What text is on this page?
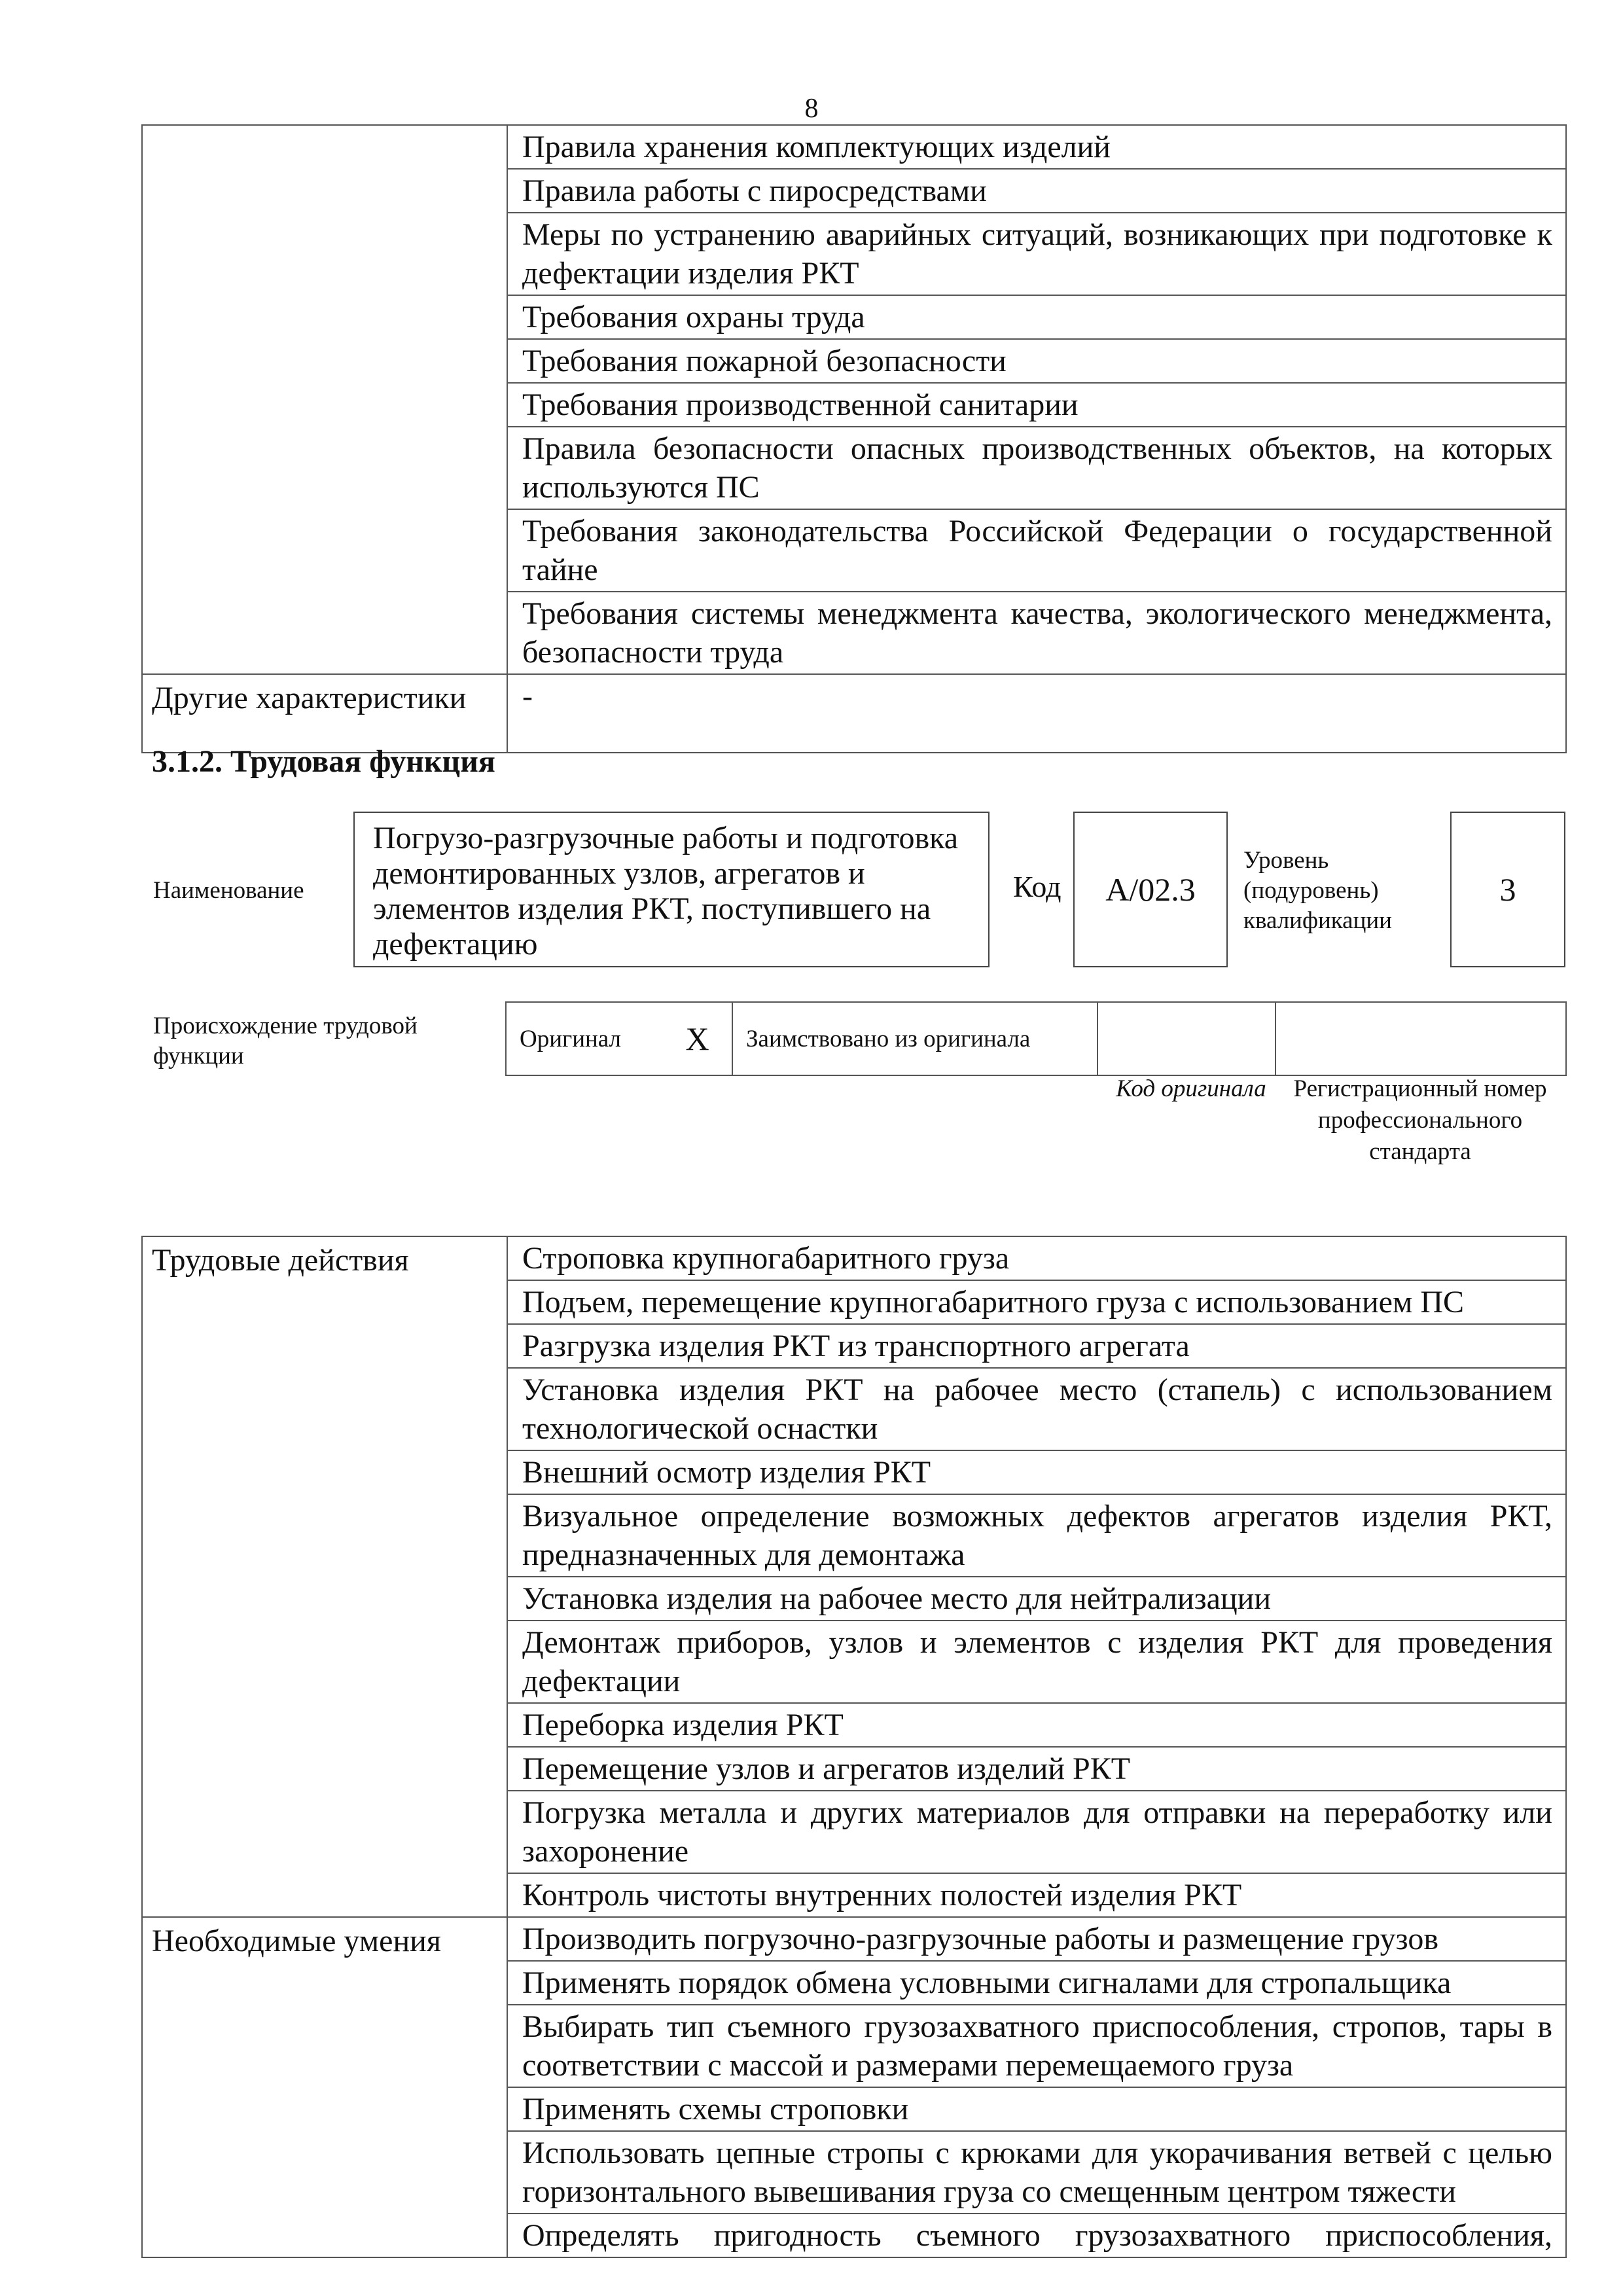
8
	Правила хранения комплектующих изделий
	Правила работы с пиросредствами
	Меры по устранению аварийных ситуаций, возникающих при подготовке к дефектации изделия РКТ
	Требования охраны труда
	Требования пожарной безопасности
	Требования производственной санитарии
	Правила безопасности опасных производственных объектов, на которых используются ПС
	Требования законодательства Российской Федерации о государственной тайне
	Требования системы менеджмента качества, экологического менеджмента, безопасности труда
Другие характеристики	-
3.1.2. Трудовая функция
Наименование
Погрузо-разгрузочные работы и подготовка демонтированных узлов, агрегатов и элементов изделия РКТ, поступившего на дефектацию
Код	А/02.3
Уровень (подуровень) квалификации
3
Происхождение трудовой функции
Оригинал	X	Заимствовано из оригинала		
Код оригинала	Регистрационный номер профессионального стандарта
Трудовые действия	Строповка крупногабаритного груза
	Подъем, перемещение крупногабаритного груза с использованием ПС
	Разгрузка изделия РКТ из транспортного агрегата
	Установка изделия РКТ на рабочее место (стапель) с использованием технологической оснастки
	Внешний осмотр изделия РКТ
	Визуальное определение возможных дефектов агрегатов изделия РКТ, предназначенных для демонтажа
	Установка изделия на рабочее место для нейтрализации
	Демонтаж приборов, узлов и элементов с изделия РКТ для проведения дефектации
	Переборка изделия РКТ
	Перемещение узлов и агрегатов изделий РКТ
	Погрузка металла и других материалов для отправки на переработку или захоронение
	Контроль чистоты внутренних полостей изделия РКТ
Необходимые умения	Производить погрузочно-разгрузочные работы и размещение грузов
	Применять порядок обмена условными сигналами для стропальщика
	Выбирать тип съемного грузозахватного приспособления, стропов, тары в соответствии с массой и размерами перемещаемого груза
	Применять схемы строповки
	Использовать цепные стропы с крюками для укорачивания ветвей с целью горизонтального вывешивания груза со смещенным центром тяжести
	Определять пригодность съемного грузозахватного приспособления,
